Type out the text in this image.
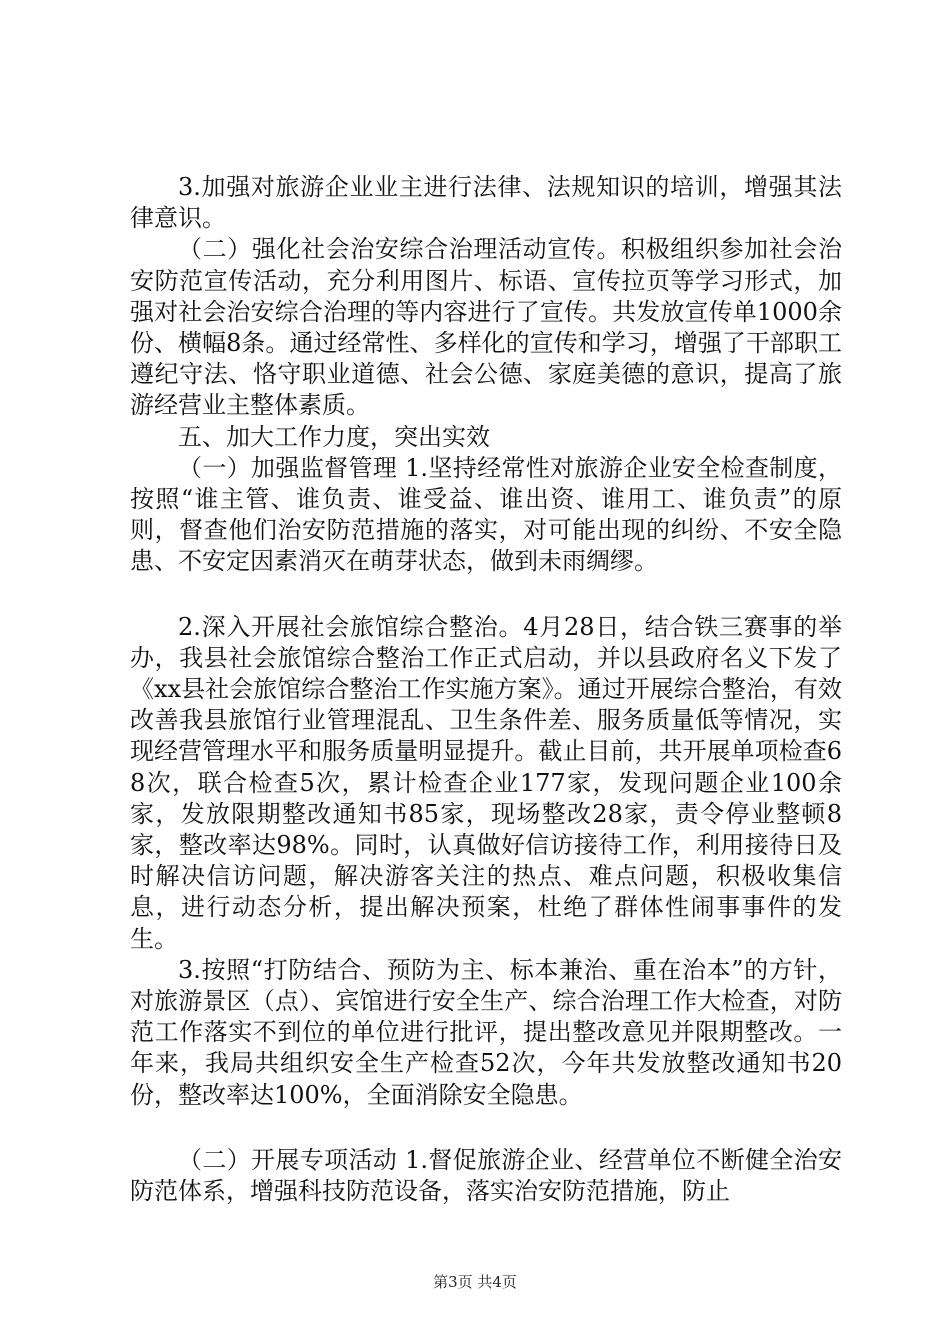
3.加强对旅游企业业主进行法律、法规知识的培训，增强其法律意识。

（二）强化社会治安综合治理活动宣传。积极组织参加社会治安防范宣传活动，充分利用图片、标语、宣传拉页等学习形式，加强对社会治安综合治理的等内容进行了宣传。共发放宣传单1000余份、横幅8条。通过经常性、多样化的宣传和学习，增强了干部职工遵纪守法、恪守职业道德、社会公德、家庭美德的意识，提高了旅游经营业主整体素质。

五、加大工作力度，突出实效

（一）加强监督管理 1.坚持经常性对旅游企业安全检查制度，按照“谁主管、谁负责、谁受益、谁出资、谁用工、谁负责”的原则，督查他们治安防范措施的落实，对可能出现的纠纷、不安全隐患、不安定因素消灭在萌芽状态，做到未雨绸缪。

2.深入开展社会旅馆综合整治。4月28日，结合铁三赛事的举办，我县社会旅馆综合整治工作正式启动，并以县政府名义下发了《xx县社会旅馆综合整治工作实施方案》。通过开展综合整治，有效改善我县旅馆行业管理混乱、卫生条件差、服务质量低等情况，实现经营管理水平和服务质量明显提升。截止目前，共开展单项检查68次，联合检查5次，累计检查企业177家，发现问题企业100余家，发放限期整改通知书85家，现场整改28家，责令停业整顿8家，整改率达98%。同时，认真做好信访接待工作，利用接待日及时解决信访问题，解决游客关注的热点、难点问题，积极收集信息，进行动态分析，提出解决预案，杜绝了群体性闹事事件的发生。

3.按照“打防结合、预防为主、标本兼治、重在治本”的方针，对旅游景区（点）、宾馆进行安全生产、综合治理工作大检查，对防范工作落实不到位的单位进行批评，提出整改意见并限期整改。一年来，我局共组织安全生产检查52次，今年共发放整改通知书20份，整改率达100%，全面消除安全隐患。

（二）开展专项活动 1.督促旅游企业、经营单位不断健全治安防范体系，增强科技防范设备，落实治安防范措施，防止

第3页 共4页
